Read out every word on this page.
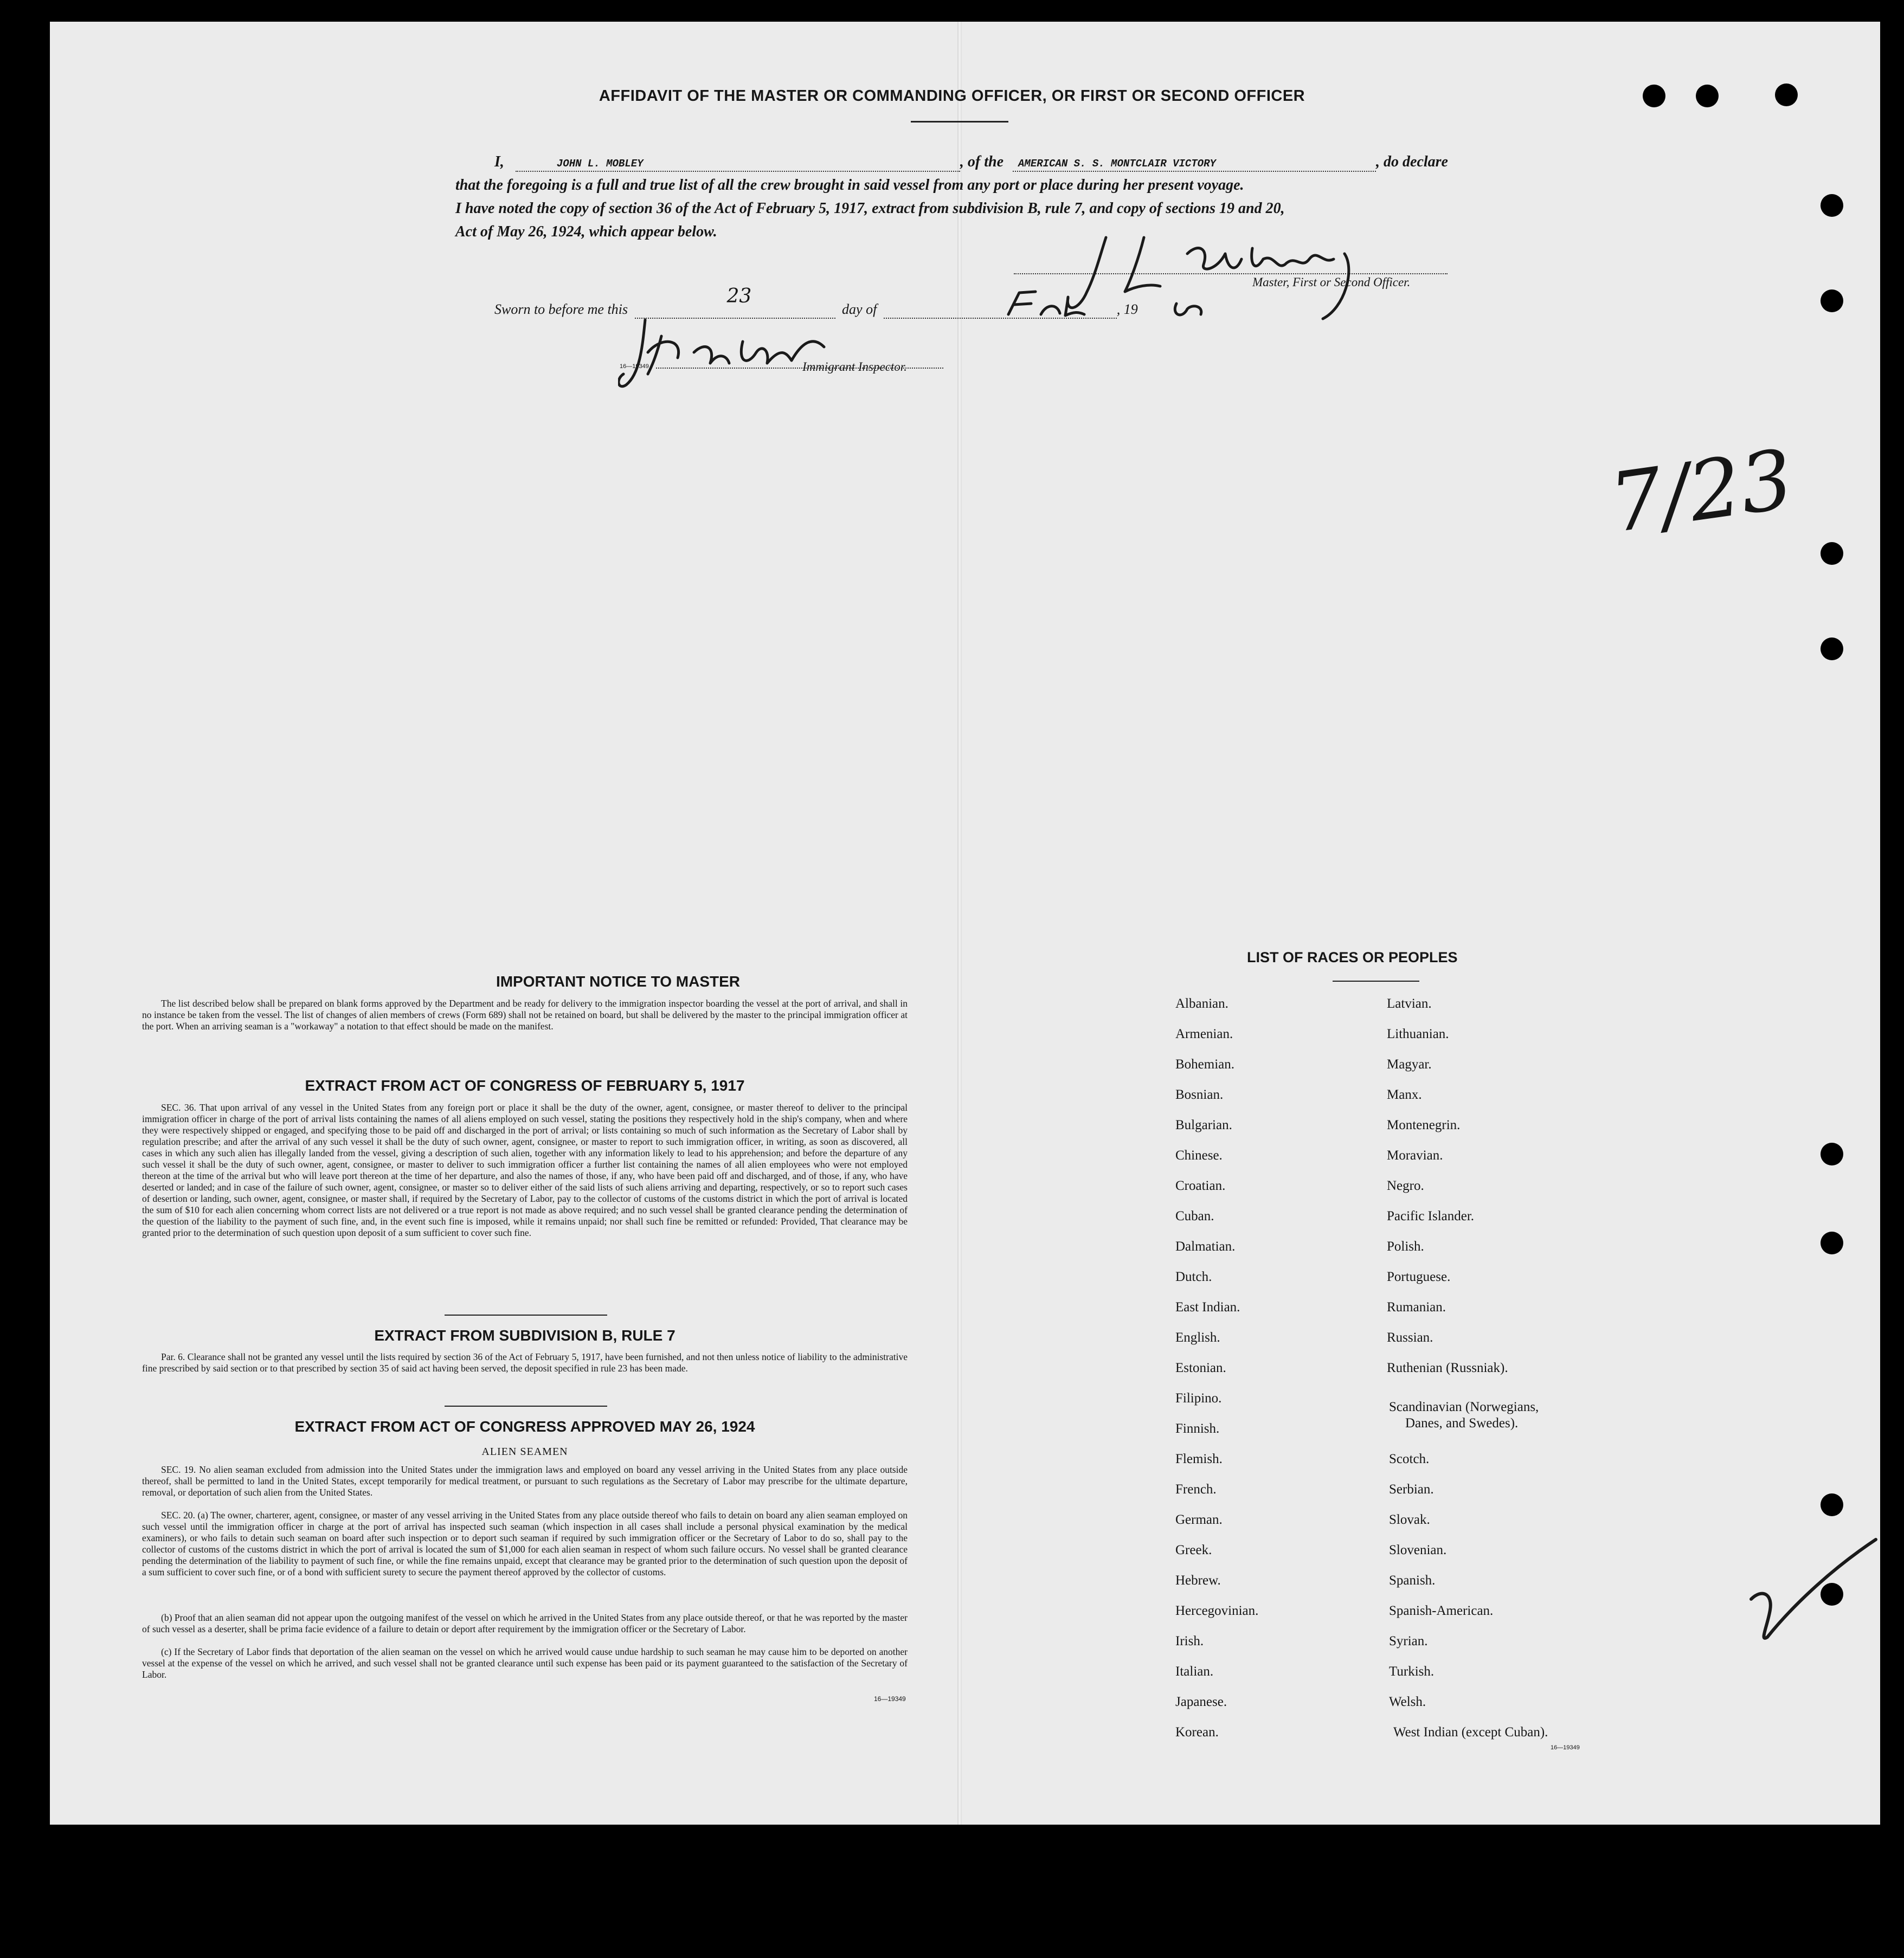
AFFIDAVIT OF THE MASTER OR COMMANDING OFFICER, OR FIRST OR SECOND OFFICER
I,	JOHN L. MOBLEY	, of the AMERICAN S. S. MONTCLAIR VICTORY	, do declare
that the foregoing is a full and true list of all the crew brought in said vessel from any port or place during her present voyage.
I have noted the copy of section 36 of the Act of February 5, 1917, extract from subdivision B, rule 7, and copy of sections 19 and 20,
Act of May 26, 1924, which appear below.
Master, First or Second Officer.
Sworn to before me this
23
day of	, 19
16—19349	Immigrant Inspector.
7/23
IMPORTANT NOTICE TO MASTER
The list described below shall be prepared on blank forms approved by the Department and be ready for delivery to the immigration inspector boarding the vessel at the port of arrival, and shall in no instance be taken from the vessel. The list of changes of alien members of crews (Form 689) shall not be retained on board, but shall be delivered by the master to the principal immigration officer at the port. When an arriving seaman is a "workaway" a notation to that effect should be made on the manifest.
EXTRACT FROM ACT OF CONGRESS OF FEBRUARY 5, 1917
SEC. 36. That upon arrival of any vessel in the United States from any foreign port or place it shall be the duty of the owner, agent, consignee, or master thereof to deliver to the principal immigration officer in charge of the port of arrival lists containing the names of all aliens employed on such vessel, stating the positions they respectively hold in the ship's company, when and where they were respectively shipped or engaged, and specifying those to be paid off and discharged in the port of arrival; or lists containing so much of such information as the Secretary of Labor shall by regulation prescribe; and after the arrival of any such vessel it shall be the duty of such owner, agent, consignee, or master to report to such immigration officer, in writing, as soon as discovered, all cases in which any such alien has illegally landed from the vessel, giving a description of such alien, together with any information likely to lead to his apprehension; and before the departure of any such vessel it shall be the duty of such owner, agent, consignee, or master to deliver to such immigration officer a further list containing the names of all alien employees who were not employed thereon at the time of the arrival but who will leave port thereon at the time of her departure, and also the names of those, if any, who have been paid off and discharged, and of those, if any, who have deserted or landed; and in case of the failure of such owner, agent, consignee, or master so to deliver either of the said lists of such aliens arriving and departing, respectively, or so to report such cases of desertion or landing, such owner, agent, consignee, or master shall, if required by the Secretary of Labor, pay to the collector of customs of the customs district in which the port of arrival is located the sum of $10 for each alien concerning whom correct lists are not delivered or a true report is not made as above required; and no such vessel shall be granted clearance pending the determination of the question of the liability to the payment of such fine, and, in the event such fine is imposed, while it remains unpaid; nor shall such fine be remitted or refunded: Provided, That clearance may be granted prior to the determination of such question upon deposit of a sum sufficient to cover such fine.
EXTRACT FROM SUBDIVISION B, RULE 7
Par. 6. Clearance shall not be granted any vessel until the lists required by section 36 of the Act of February 5, 1917, have been furnished, and not then unless notice of liability to the administrative fine prescribed by said section or to that prescribed by section 35 of said act having been served, the deposit specified in rule 23 has been made.
EXTRACT FROM ACT OF CONGRESS APPROVED MAY 26, 1924
ALIEN SEAMEN
SEC. 19. No alien seaman excluded from admission into the United States under the immigration laws and employed on board any vessel arriving in the United States from any place outside thereof, shall be permitted to land in the United States, except temporarily for medical treatment, or pursuant to such regulations as the Secretary of Labor may prescribe for the ultimate departure, removal, or deportation of such alien from the United States.
SEC. 20. (a) The owner, charterer, agent, consignee, or master of any vessel arriving in the United States from any place outside thereof who fails to detain on board any alien seaman employed on such vessel until the immigration officer in charge at the port of arrival has inspected such seaman (which inspection in all cases shall include a personal physical examination by the medical examiners), or who fails to detain such seaman on board after such inspection or to deport such seaman if required by such immigration officer or the Secretary of Labor to do so, shall pay to the collector of customs of the customs district in which the port of arrival is located the sum of $1,000 for each alien seaman in respect of whom such failure occurs. No vessel shall be granted clearance pending the determination of the liability to payment of such fine, or while the fine remains unpaid, except that clearance may be granted prior to the determination of such question upon the deposit of a sum sufficient to cover such fine, or of a bond with sufficient surety to secure the payment thereof approved by the collector of customs.
(b) Proof that an alien seaman did not appear upon the outgoing manifest of the vessel on which he arrived in the United States from any place outside thereof, or that he was reported by the master of such vessel as a deserter, shall be prima facie evidence of a failure to detain or deport after requirement by the immigration officer or the Secretary of Labor.
(c) If the Secretary of Labor finds that deportation of the alien seaman on the vessel on which he arrived would cause undue hardship to such seaman he may cause him to be deported on another vessel at the expense of the vessel on which he arrived, and such vessel shall not be granted clearance until such expense has been paid or its payment guaranteed to the satisfaction of the Secretary of Labor.
16—19349
LIST OF RACES OR PEOPLES
Albanian.
Armenian.
Bohemian.
Bosnian.
Bulgarian.
Chinese.
Croatian.
Cuban.
Dalmatian.
Dutch.
East Indian.
English.
Estonian.
Filipino.
Finnish.
Flemish.
French.
German.
Greek.
Hebrew.
Hercegovinian.
Irish.
Italian.
Japanese.
Korean.
Latvian.
Lithuanian.
Magyar.
Manx.
Montenegrin.
Moravian.
Negro.
Pacific Islander.
Polish.
Portuguese.
Rumanian.
Russian.
Ruthenian (Russniak).
Scandinavian (Norwegians,
Danes, and Swedes).
Scotch.
Serbian.
Slovak.
Slovenian.
Spanish.
Spanish-American.
Syrian.
Turkish.
Welsh.
West Indian (except Cuban).
16—19349
